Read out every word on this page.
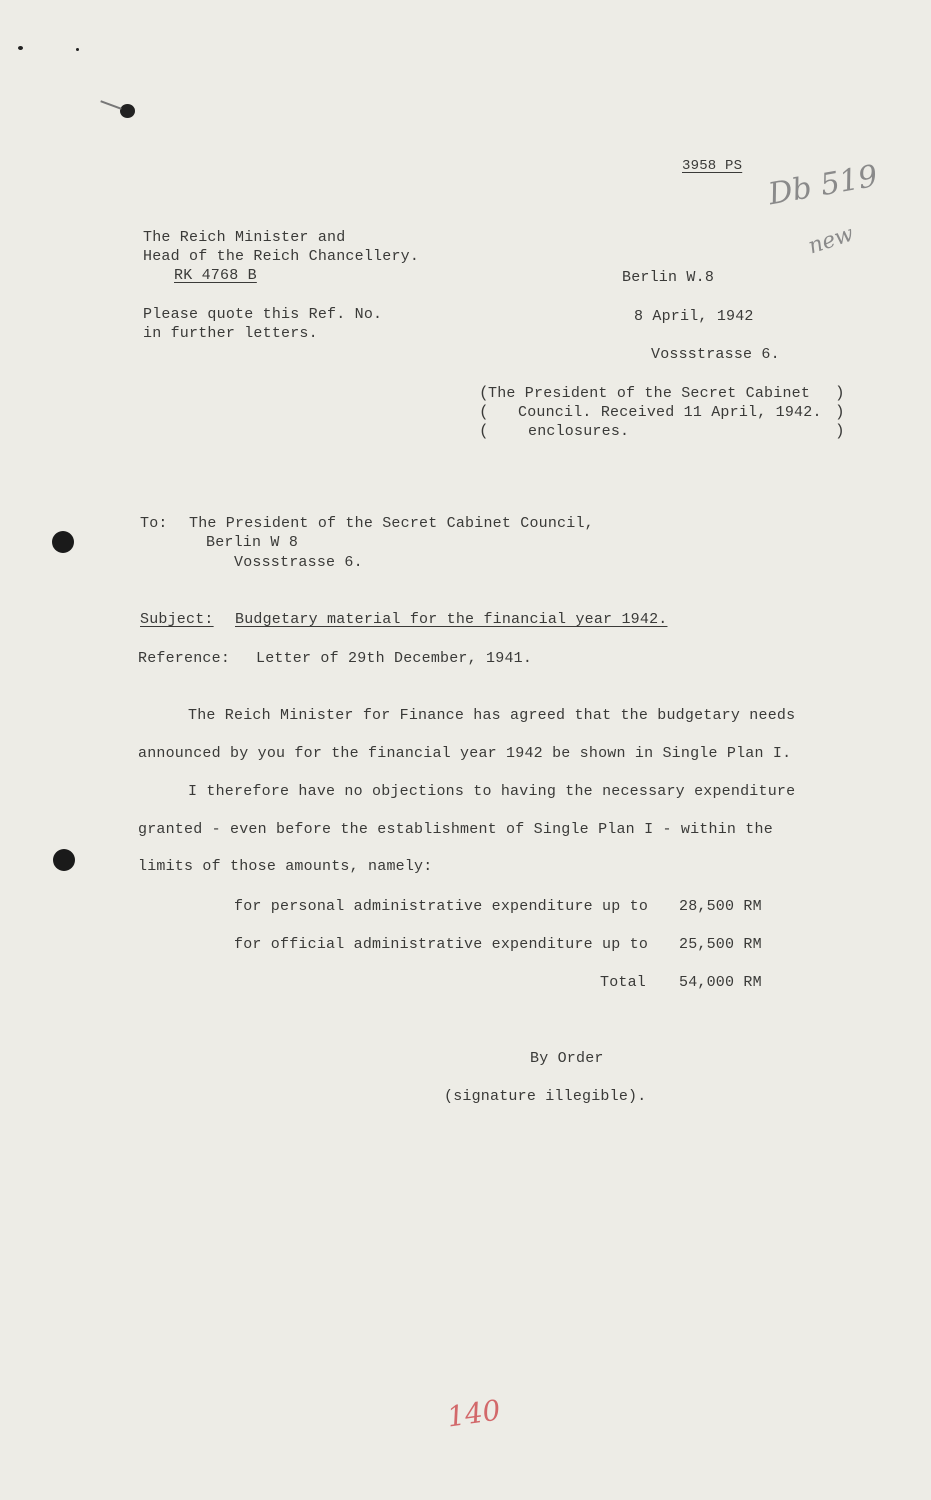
3958 PS Db 519
new
The Reich Minister and
Head of the Reich Chancellery.
RK 4768 B
Please quote this Ref. No.
in further letters.
Berlin W.8
8 April, 1942
Vossstrasse 6.
(
(
(
)
)
)
The President of the Secret Cabinet
Council. Received 11 April, 1942.
enclosures.
To: The President of the Secret Cabinet Council,
Berlin W 8
Vossstrasse 6.
Subject: Budgetary material for the financial year 1942.
Reference: Letter of 29th December, 1941.
The Reich Minister for Finance has agreed that the budgetary needs
announced by you for the financial year 1942 be shown in Single Plan I.
I therefore have no objections to having the necessary expenditure
granted - even before the establishment of Single Plan I - within the
limits of those amounts, namely:
for personal administrative expenditure up to 28,500 RM
for official administrative expenditure up to 25,500 RM
Total 54,000 RM
By Order
(signature illegible).
140
